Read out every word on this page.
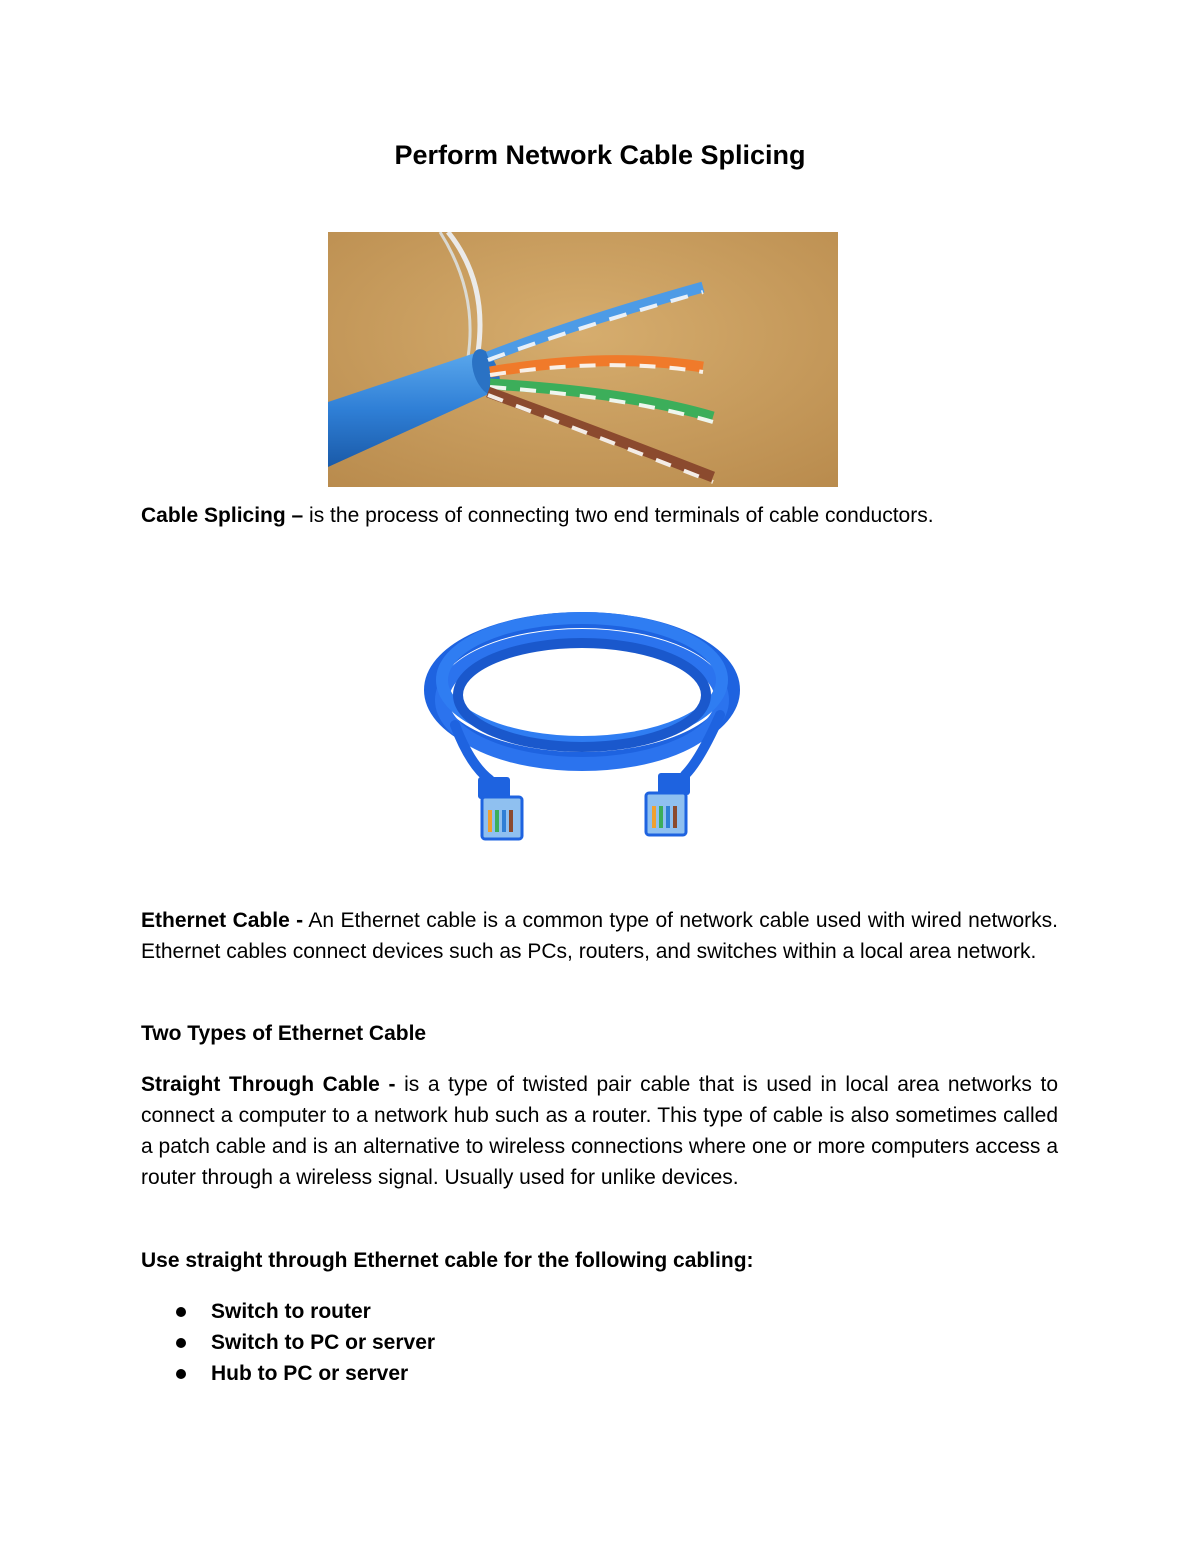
Perform Network Cable Splicing

Cable Splicing – is the process of connecting two end terminals of cable conductors.

Ethernet Cable - An Ethernet cable is a common type of network cable used with wired networks. Ethernet cables connect devices such as PCs, routers, and switches within a local area network.

Two Types of Ethernet Cable

Straight Through Cable - is a type of twisted pair cable that is used in local area networks to connect a computer to a network hub such as a router. This type of cable is also sometimes called a patch cable and is an alternative to wireless connections where one or more computers access a router through a wireless signal. Usually used for unlike devices.

Use straight through Ethernet cable for the following cabling:

Switch to router
Switch to PC or server
Hub to PC or server
